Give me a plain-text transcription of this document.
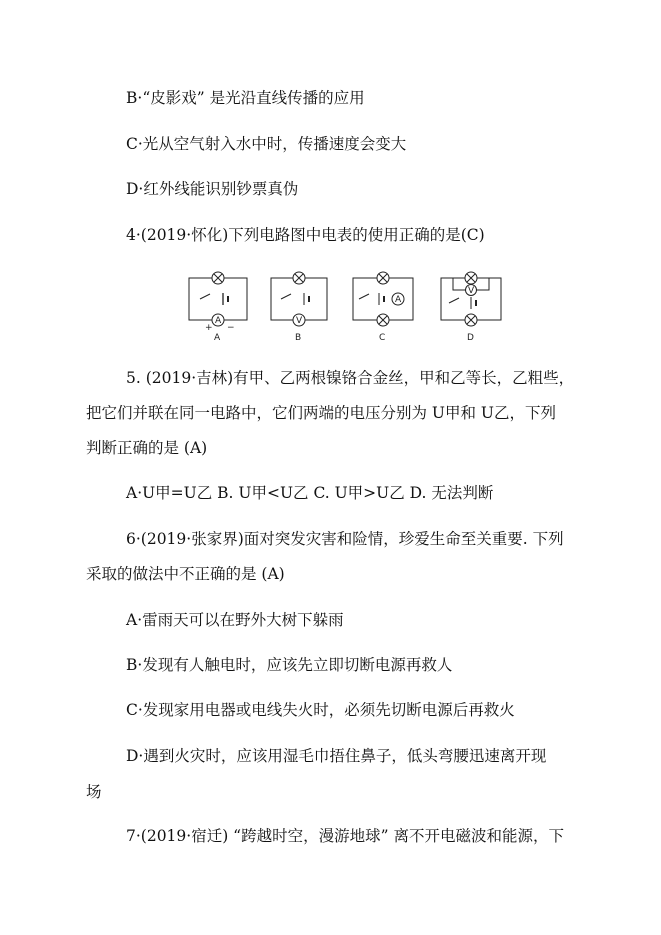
B·“皮影戏” 是光沿直线传播的应用
C·光从空气射入水中时，传播速度会变大
D·红外线能识别钞票真伪
4·(2019·怀化)下列电路图中电表的使用正确的是(C)
A
+ −
A
V
B
A
C
V
D
5. (2019·吉林)有甲、乙两根镍铬合金丝，甲和乙等长，乙粗些，
把它们并联在同一电路中，它们两端的电压分别为 U甲和 U乙，下列
判断正确的是 (A)
A·U甲=U乙 B. U甲<U乙 C. U甲>U乙 D. 无法判断
6·(2019·张家界)面对突发灾害和险情，珍爱生命至关重要. 下列
采取的做法中不正确的是 (A)
A·雷雨天可以在野外大树下躲雨
B·发现有人触电时，应该先立即切断电源再救人
C·发现家用电器或电线失火时，必须先切断电源后再救火
D·遇到火灾时，应该用湿毛巾捂住鼻子，低头弯腰迅速离开现
场
7·(2019·宿迁) “跨越时空，漫游地球” 离不开电磁波和能源，下
